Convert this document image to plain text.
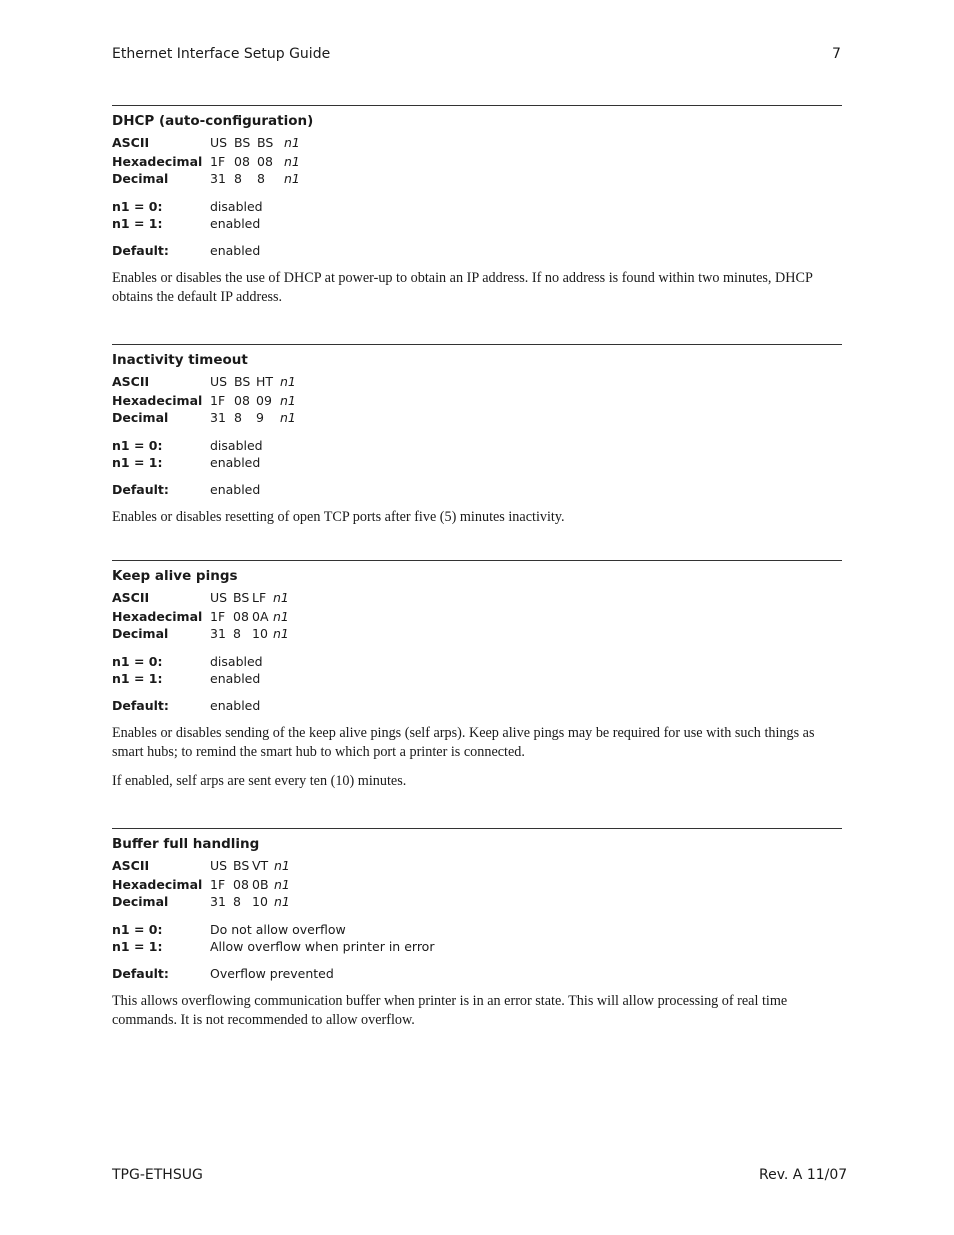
Ethernet Interface Setup Guide	7
DHCP (auto-configuration)
ASCII	US BS BS n1
Hexadecimal 1F 08 08 n1
Decimal	31 8 8 n1
n1 = 0:	disabled
n1 = 1:	enabled
Default:	enabled
Enables or disables the use of DHCP at power-up to obtain an IP address. If no address is found within two minutes, DHCP obtains the default IP address.
Inactivity timeout
ASCII	US BS HT n1
Hexadecimal 1F 08 09 n1
Decimal	31 8 9 n1
n1 = 0:	disabled
n1 = 1:	enabled
Default:	enabled
Enables or disables resetting of open TCP ports after five (5) minutes inactivity.
Keep alive pings
ASCII	US BS LF n1
Hexadecimal 1F 08 0A n1
Decimal	31 8 10 n1
n1 = 0:	disabled
n1 = 1:	enabled
Default:	enabled
Enables or disables sending of the keep alive pings (self arps). Keep alive pings may be required for use with such things as smart hubs; to remind the smart hub to which port a printer is connected.
If enabled, self arps are sent every ten (10) minutes.
Buffer full handling
ASCII	US BS VT n1
Hexadecimal 1F 08 0B n1
Decimal	31 8 10 n1
n1 = 0:	Do not allow overflow
n1 = 1:	Allow overflow when printer in error
Default:	Overflow prevented
This allows overflowing communication buffer when printer is in an error state. This will allow processing of real time commands. It is not recommended to allow overflow.
TPG-ETHSUG	Rev. A 11/07
